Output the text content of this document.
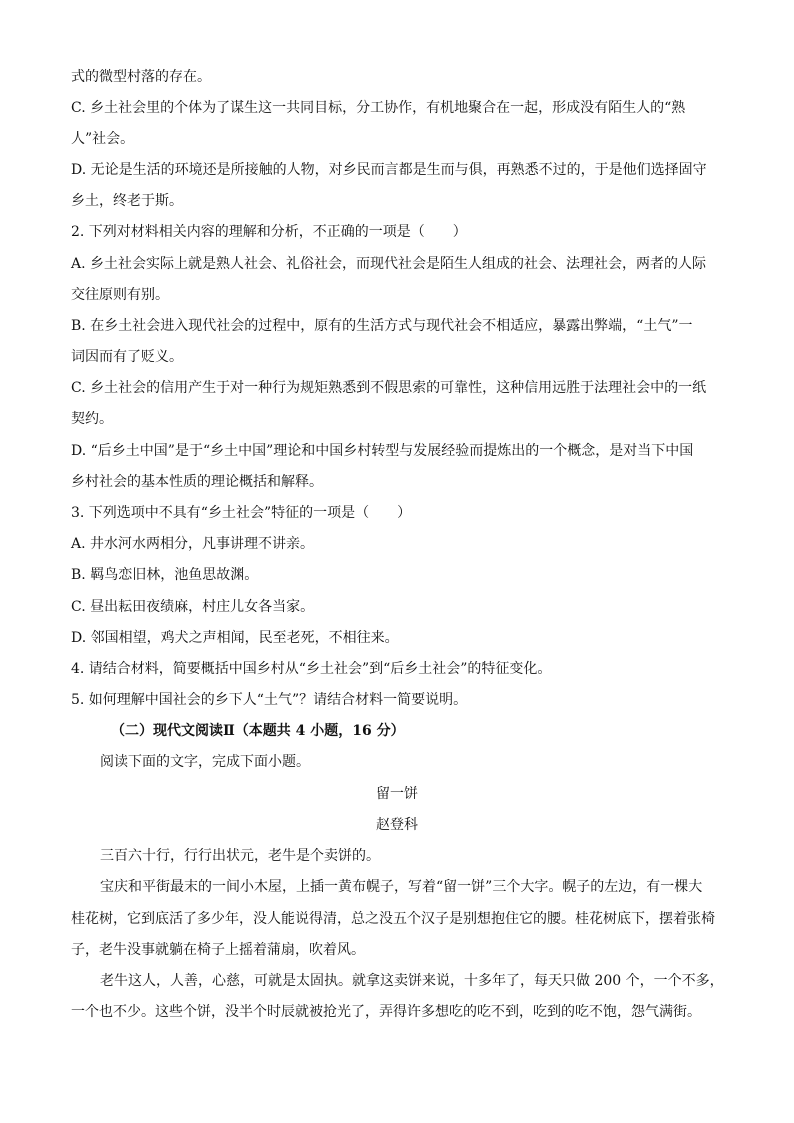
式的微型村落的存在。
C. 乡土社会里的个体为了谋生这一共同目标，分工协作，有机地聚合在一起，形成没有陌生人的“熟
人”社会。
D. 无论是生活的环境还是所接触的人物，对乡民而言都是生而与俱，再熟悉不过的，于是他们选择固守
乡土，终老于斯。
2. 下列对材料相关内容的理解和分析，不正确的一项是（　　）
A. 乡土社会实际上就是熟人社会、礼俗社会，而现代社会是陌生人组成的社会、法理社会，两者的人际
交往原则有别。
B. 在乡土社会进入现代社会的过程中，原有的生活方式与现代社会不相适应，暴露出弊端，“土气”一
词因而有了贬义。
C. 乡土社会的信用产生于对一种行为规矩熟悉到不假思索的可靠性，这种信用远胜于法理社会中的一纸
契约。
D. “后乡土中国”是于“乡土中国”理论和中国乡村转型与发展经验而提炼出的一个概念，是对当下中国
乡村社会的基本性质的理论概括和解释。
3. 下列选项中不具有“乡土社会”特征的一项是（　　）
A. 井水河水两相分，凡事讲理不讲亲。
B. 羁鸟恋旧林，池鱼思故渊。
C. 昼出耘田夜绩麻，村庄儿女各当家。
D. 邻国相望，鸡犬之声相闻，民至老死，不相往来。
4. 请结合材料，简要概括中国乡村从“乡土社会”到“后乡土社会”的特征变化。
5. 如何理解中国社会的乡下人“土气”？请结合材料一简要说明。
（二）现代文阅读Ⅱ（本题共 4 小题，16 分）
阅读下面的文字，完成下面小题。
留一饼
赵登科
三百六十行，行行出状元，老牛是个卖饼的。
宝庆和平街最末的一间小木屋，上插一黄布幌子，写着“留一饼”三个大字。幌子的左边，有一棵大
桂花树，它到底活了多少年，没人能说得清，总之没五个汉子是别想抱住它的腰。桂花树底下，摆着张椅
子，老牛没事就躺在椅子上摇着蒲扇，吹着风。
老牛这人，人善，心慈，可就是太固执。就拿这卖饼来说，十多年了，每天只做 200 个，一个不多，
一个也不少。这些个饼，没半个时辰就被抢光了，弄得许多想吃的吃不到，吃到的吃不饱，怨气满街。
